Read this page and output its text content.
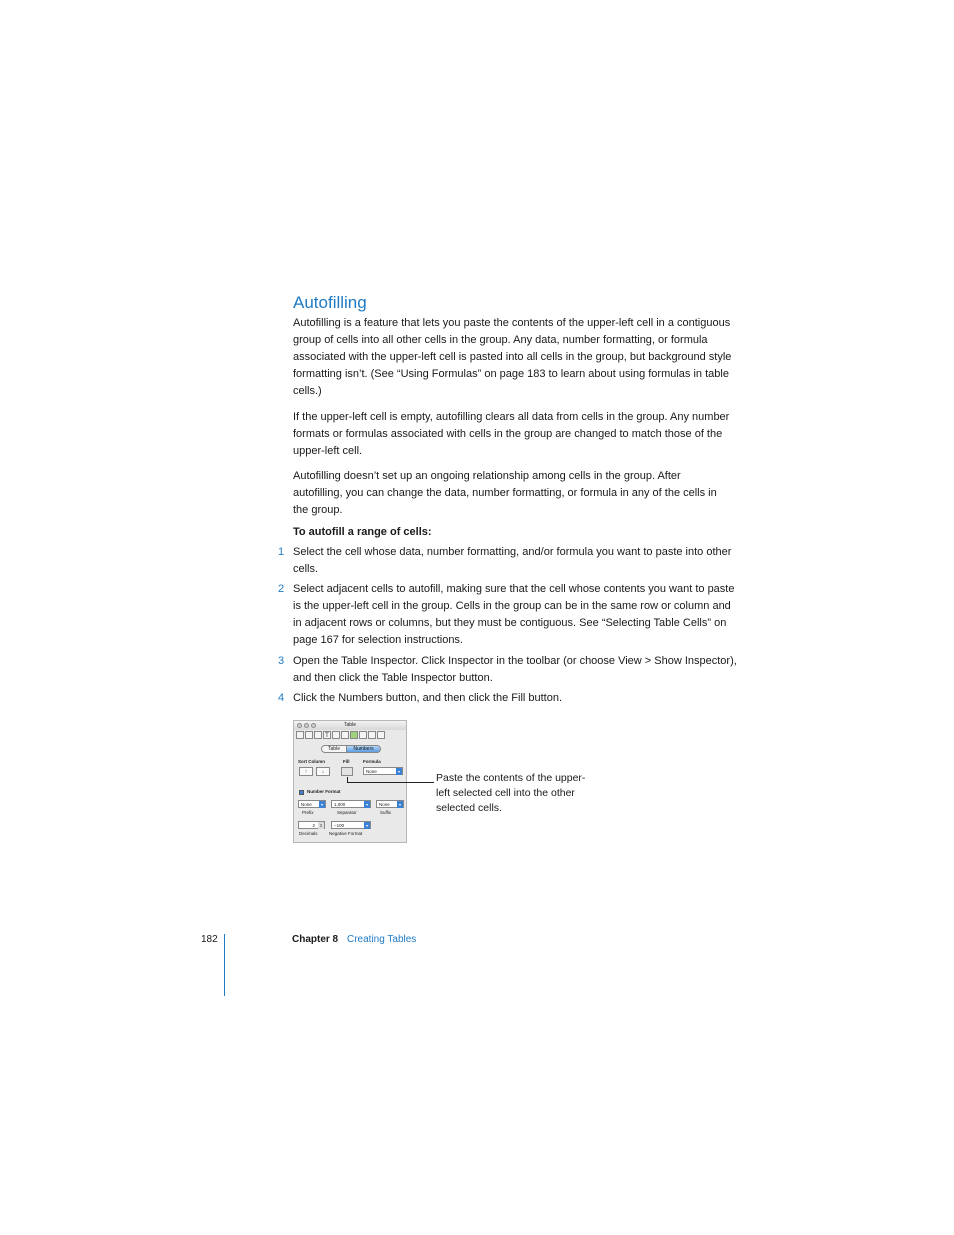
Autofilling

Autofilling is a feature that lets you paste the contents of the upper-left cell in a contiguous group of cells into all other cells in the group. Any data, number formatting, or formula associated with the upper-left cell is pasted into all cells in the group, but background style formatting isn’t. (See “Using Formulas” on page 183 to learn about using formulas in table cells.)

If the upper-left cell is empty, autofilling clears all data from cells in the group. Any number formats or formulas associated with cells in the group are changed to match those of the upper-left cell.

Autofilling doesn’t set up an ongoing relationship among cells in the group. After autofilling, you can change the data, number formatting, or formula in any of the cells in the group.

To autofill a range of cells:

1 Select the cell whose data, number formatting, and/or formula you want to paste into other cells.
2 Select adjacent cells to autofill, making sure that the cell whose contents you want to paste is the upper-left cell in the group. Cells in the group can be in the same row or column and in adjacent rows or columns, but they must be contiguous. See “Selecting Table Cells” on page 167 for selection instructions.
3 Open the Table Inspector. Click Inspector in the toolbar (or choose View > Show Inspector), and then click the Table Inspector button.
4 Click the Numbers button, and then click the Fill button.
Table
T
Table	Numbers
Sort Column	Fill	Formula
↑	↓	None	▾
Number Format
None	▾	1,000	▾	None	▾
Prefix	Separator	Suffix
2	⇕	−100	▾
Decimals	Negative Format

Paste the contents of the upper-left selected cell into the other selected cells.

182	Chapter 8 Creating Tables
